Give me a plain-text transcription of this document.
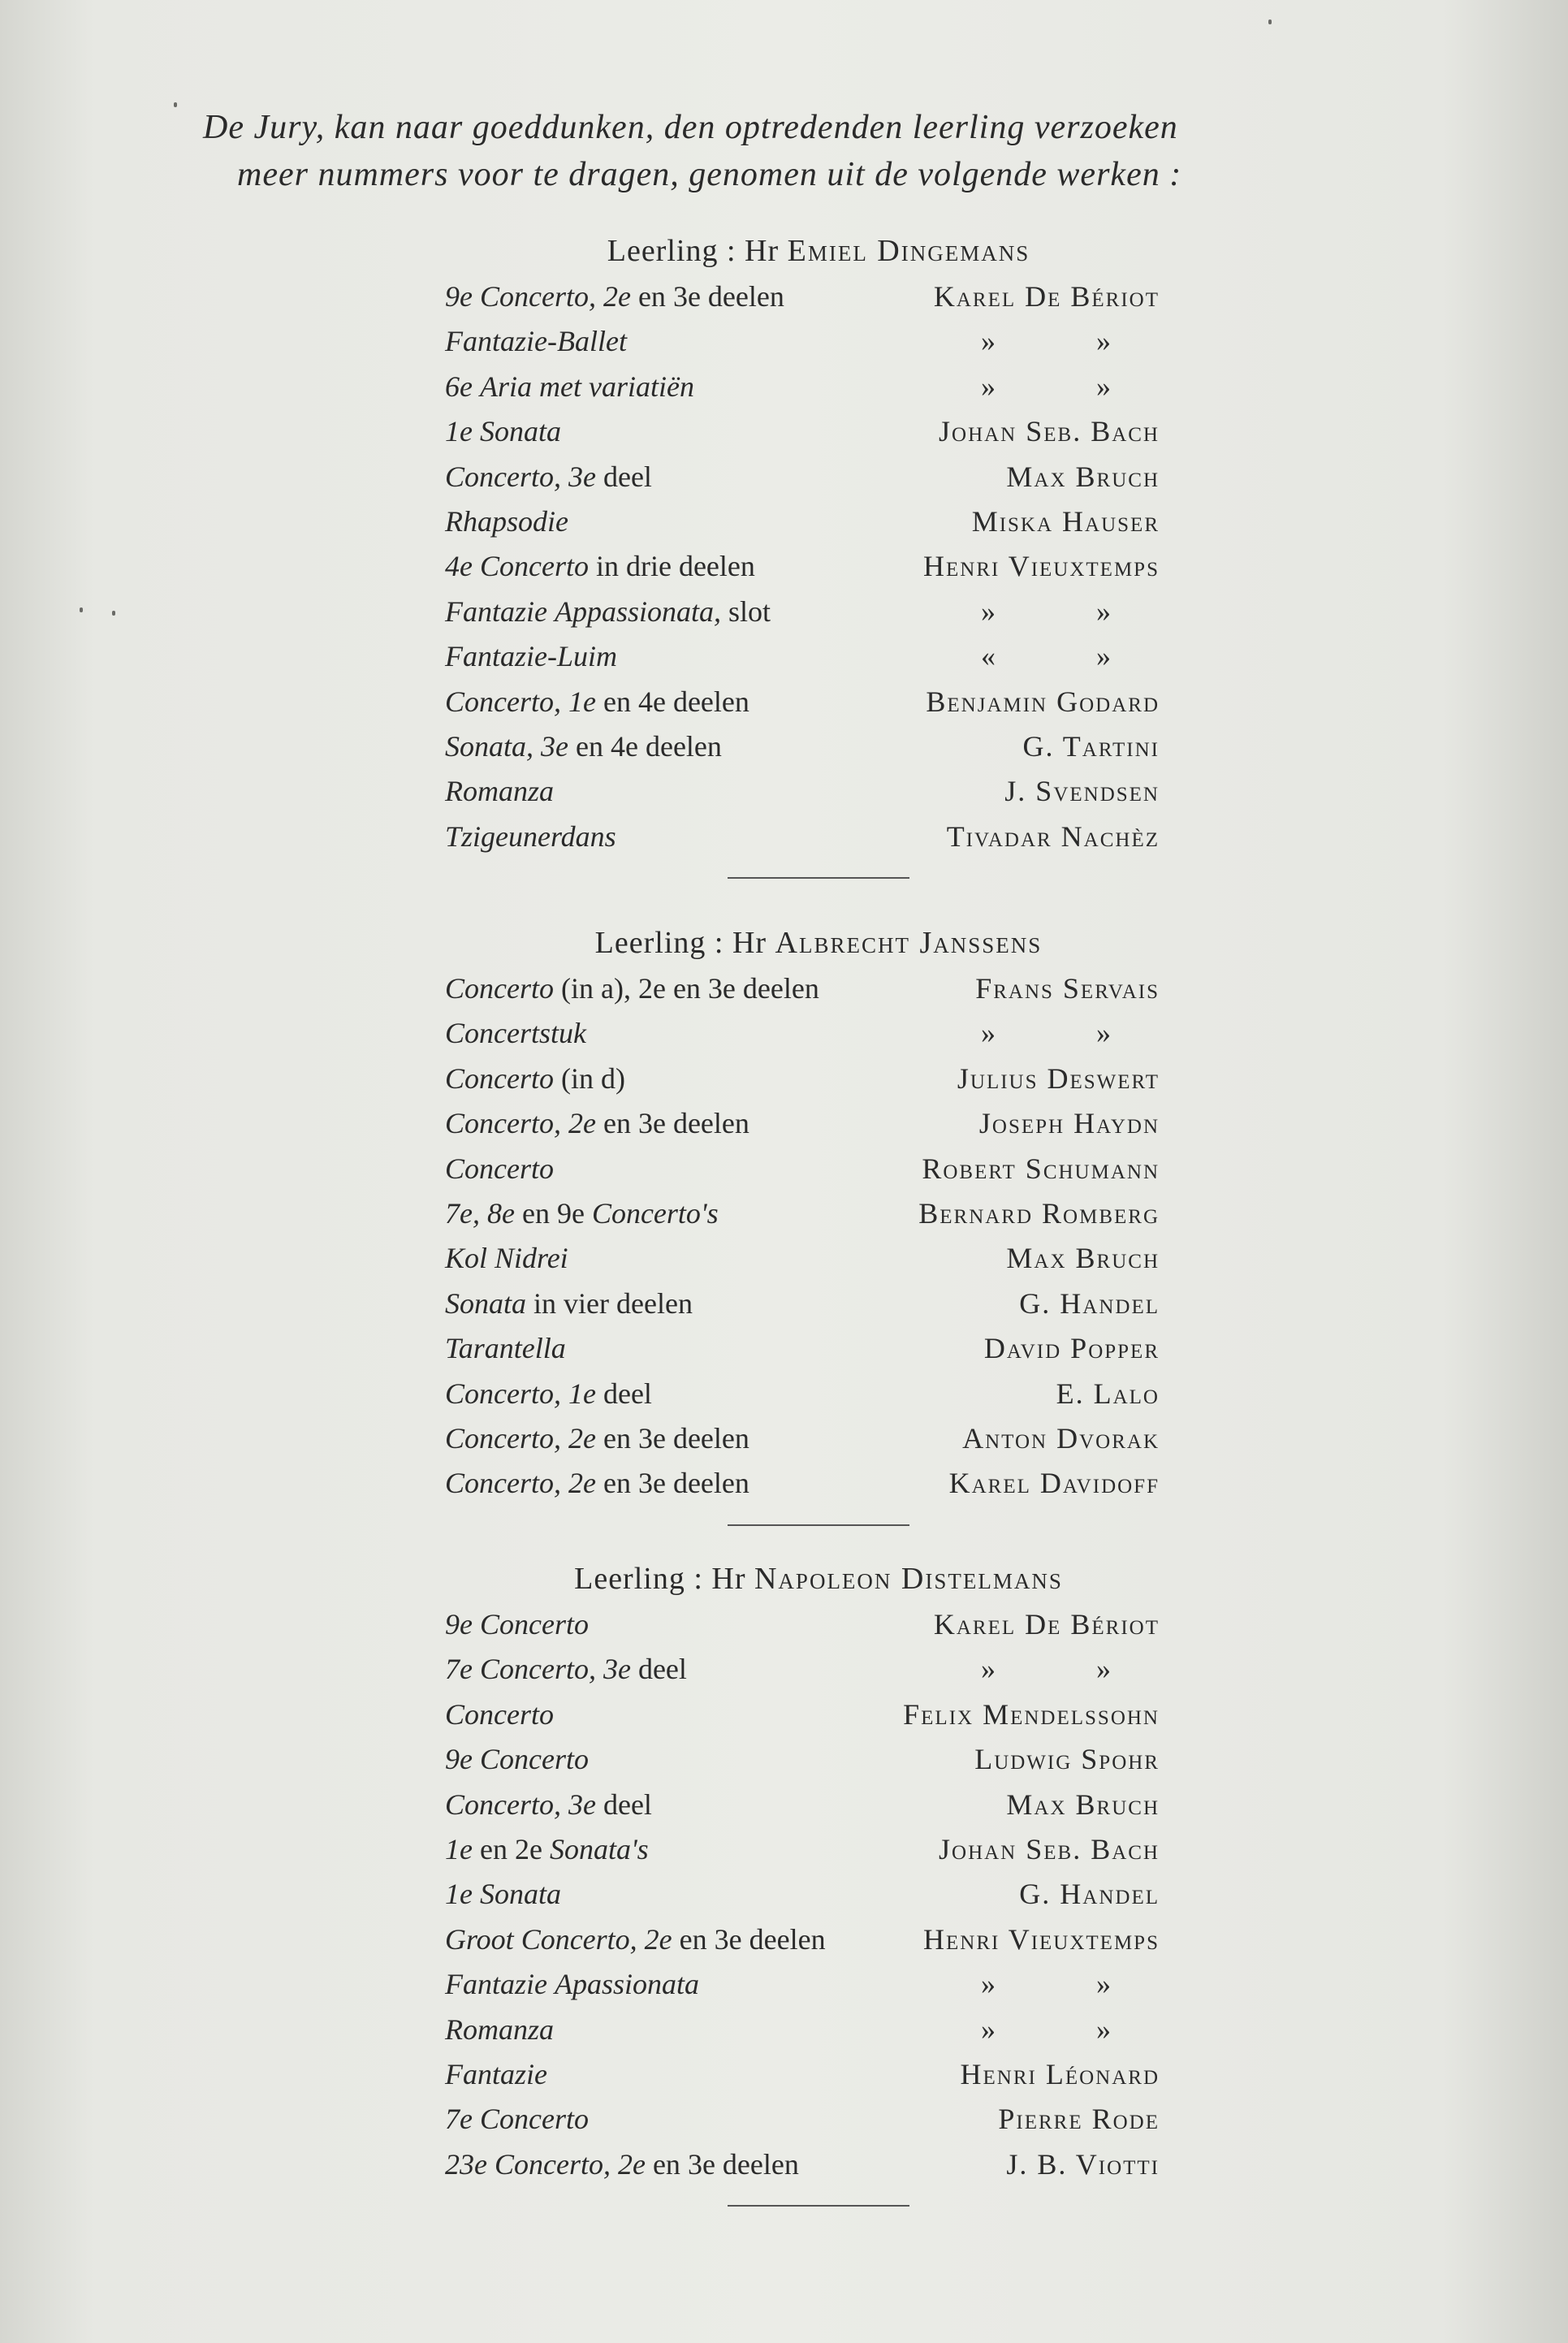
De Jury, kan naar goeddunken, den optredenden leerling verzoeken
meer nummers voor te dragen, genomen uit de volgende werken :
Leerling : Hr Emiel Dingemans
9e Concerto, 2e en 3e deelen	Karel De Bériot
Fantazie-Ballet	»	»
6e Aria met variatiën	»	»
1e Sonata	Johan Seb. Bach
Concerto, 3e deel	Max Bruch
Rhapsodie	Miska Hauser
4e Concerto in drie deelen	Henri Vieuxtemps
Fantazie Appassionata, slot	»	»
Fantazie-Luim	«	»
Concerto, 1e en 4e deelen	Benjamin Godard
Sonata, 3e en 4e deelen	G. Tartini
Romanza	J. Svendsen
Tzigeunerdans	Tivadar Nachèz
Leerling : Hr Albrecht Janssens
Concerto (in a), 2e en 3e deelen	Frans Servais
Concertstuk	»	»
Concerto (in d)	Julius Deswert
Concerto, 2e en 3e deelen	Joseph Haydn
Concerto	Robert Schumann
7e, 8e en 9e Concerto's	Bernard Romberg
Kol Nidrei	Max Bruch
Sonata in vier deelen	G. Handel
Tarantella	David Popper
Concerto, 1e deel	E. Lalo
Concerto, 2e en 3e deelen	Anton Dvorak
Concerto, 2e en 3e deelen	Karel Davidoff
Leerling : Hr Napoleon Distelmans
9e Concerto	Karel De Bériot
7e Concerto, 3e deel	»	»
Concerto	Felix Mendelssohn
9e Concerto	Ludwig Spohr
Concerto, 3e deel	Max Bruch
1e en 2e Sonata's	Johan Seb. Bach
1e Sonata	G. Handel
Groot Concerto, 2e en 3e deelen	Henri Vieuxtemps
Fantazie Apassionata	»	»
Romanza	»	»
Fantazie	Henri Léonard
7e Concerto	Pierre Rode
23e Concerto, 2e en 3e deelen	J. B. Viotti
